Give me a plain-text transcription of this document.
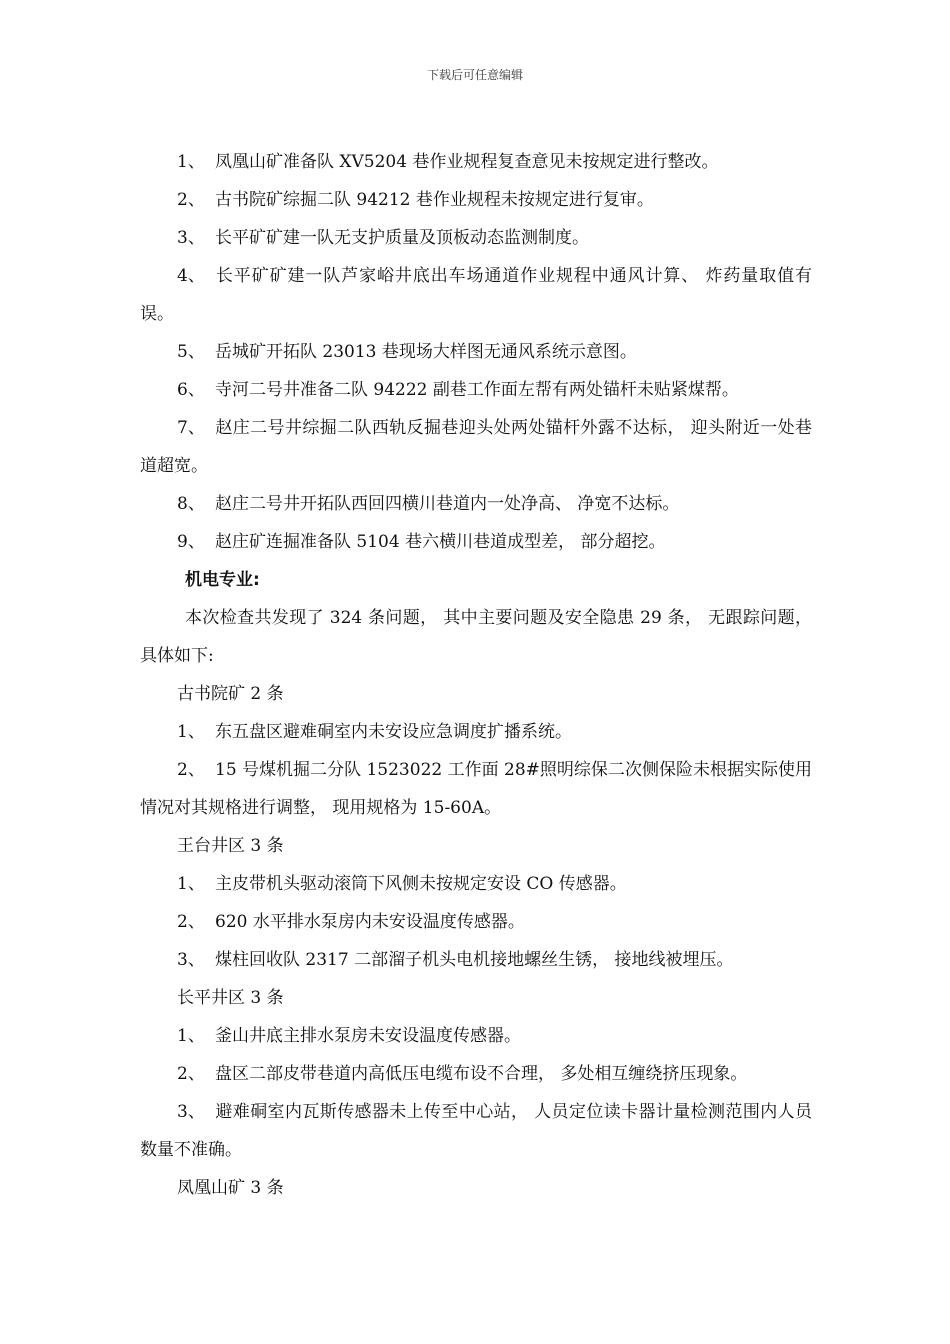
下载后可任意编辑

1、 凤凰山矿准备队 XV5204 巷作业规程复查意见未按规定进行整改。

2、 古书院矿综掘二队 94212 巷作业规程未按规定进行复审。

3、 长平矿矿建一队无支护质量及顶板动态监测制度。

4、 长平矿矿建一队芦家峪井底出车场通道作业规程中通风计算、 炸药量取值有误。

5、 岳城矿开拓队 23013 巷现场大样图无通风系统示意图。

6、 寺河二号井准备二队 94222 副巷工作面左帮有两处锚杆未贴紧煤帮。

7、 赵庄二号井综掘二队西轨反掘巷迎头处两处锚杆外露不达标， 迎头附近一处巷道超宽。

8、 赵庄二号井开拓队西回四横川巷道内一处净高、 净宽不达标。

9、 赵庄矿连掘准备队 5104 巷六横川巷道成型差， 部分超挖。

机电专业:

本次检查共发现了 324 条问题， 其中主要问题及安全隐患 29 条， 无跟踪问题， 具体如下:

古书院矿 2 条

1、 东五盘区避难硐室内未安设应急调度扩播系统。

2、 15 号煤机掘二分队 1523022 工作面 28#照明综保二次侧保险未根据实际使用情况对其规格进行调整， 现用规格为 15-60A。

王台井区 3 条

1、 主皮带机头驱动滚筒下风侧未按规定安设 CO 传感器。

2、 620 水平排水泵房内未安设温度传感器。

3、 煤柱回收队 2317 二部溜子机头电机接地螺丝生锈， 接地线被埋压。

长平井区 3 条

1、 釜山井底主排水泵房未安设温度传感器。

2、 盘区二部皮带巷道内高低压电缆布设不合理， 多处相互缠绕挤压现象。

3、 避难硐室内瓦斯传感器未上传至中心站， 人员定位读卡器计量检测范围内人员数量不准确。

凤凰山矿 3 条
